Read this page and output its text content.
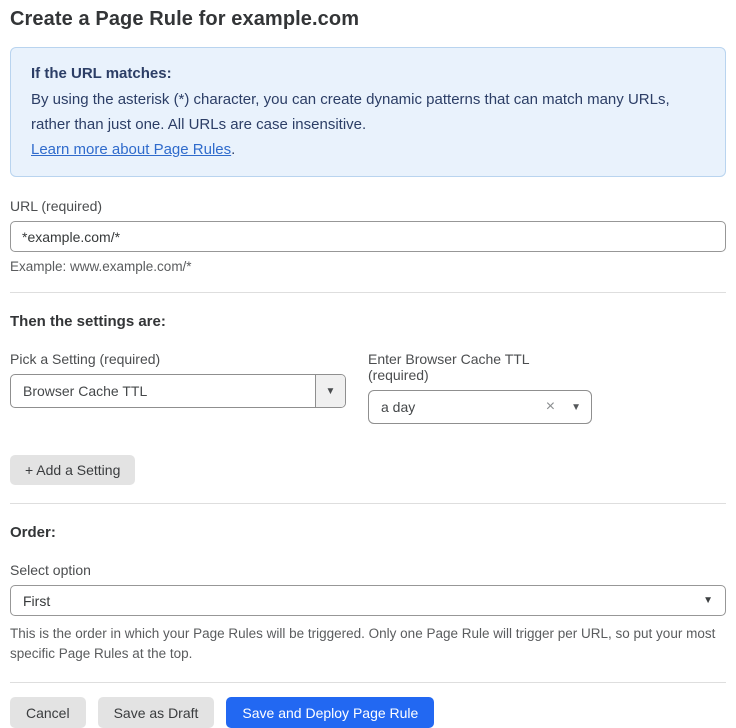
Create a Page Rule for example.com
If the URL matches:
By using the asterisk (*) character, you can create dynamic patterns that can match many URLs, rather than just one. All URLs are case insensitive.
Learn more about Page Rules.
URL (required)
*example.com/*
Example: www.example.com/*
Then the settings are:
Pick a Setting (required)
Browser Cache TTL	▼
Enter Browser Cache TTL (required)
a day	×	▼
+ Add a Setting
Order:
Select option
First	▼
This is the order in which your Page Rules will be triggered. Only one Page Rule will trigger per URL, so put your most specific Page Rules at the top.
Cancel	Save as Draft	Save and Deploy Page Rule
